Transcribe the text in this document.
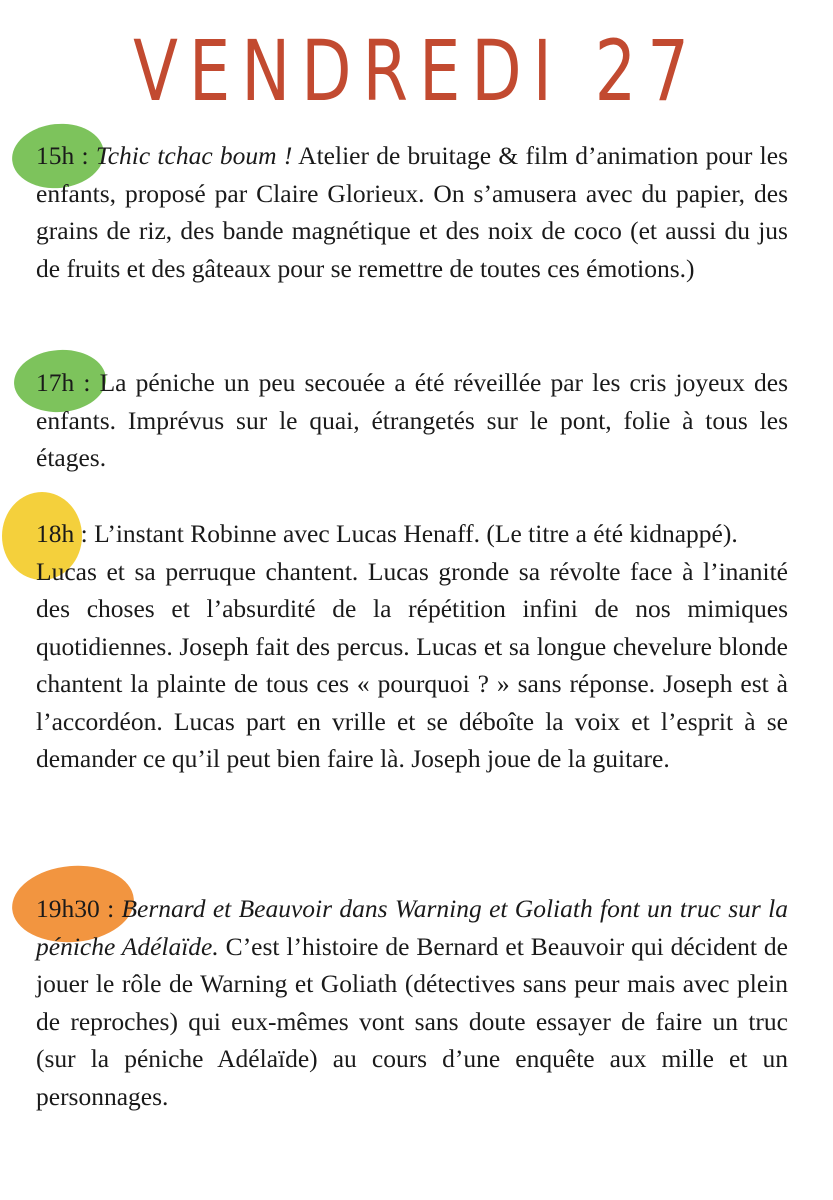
VENDREDI 27

15h : Tchic tchac boum ! Atelier de bruitage & film d’animation pour les enfants, proposé par Claire Glorieux. On s’amusera avec du papier, des grains de riz, des bande magnétique et des noix de coco (et aussi du jus de fruits et des gâteaux pour se remettre de toutes ces émotions.)

17h : La péniche un peu secouée a été réveillée par les cris joyeux des enfants. Imprévus sur le quai, étrangetés sur le pont, folie à tous les étages.

18h : L’instant Robinne avec Lucas Henaff. (Le titre a été kidnappé).
Lucas et sa perruque chantent. Lucas gronde sa révolte face à l’inanité des choses et l’absurdité de la répétition infini de nos mimiques quotidiennes. Joseph fait des percus. Lucas et sa longue chevelure blonde chantent la plainte de tous ces « pourquoi ? » sans réponse. Joseph est à l’accordéon. Lucas part en vrille et se déboîte la voix et l’esprit à se demander ce qu’il peut bien faire là. Joseph joue de la guitare.

19h30 : Bernard et Beauvoir dans Warning et Goliath font un truc sur la péniche Adélaïde. C’est l’histoire de Bernard et Beauvoir qui décident de jouer le rôle de Warning et Goliath (détectives sans peur mais avec plein de reproches) qui eux-mêmes vont sans doute essayer de faire un truc (sur la péniche Adélaïde) au cours d’une enquête aux mille et un personnages.
